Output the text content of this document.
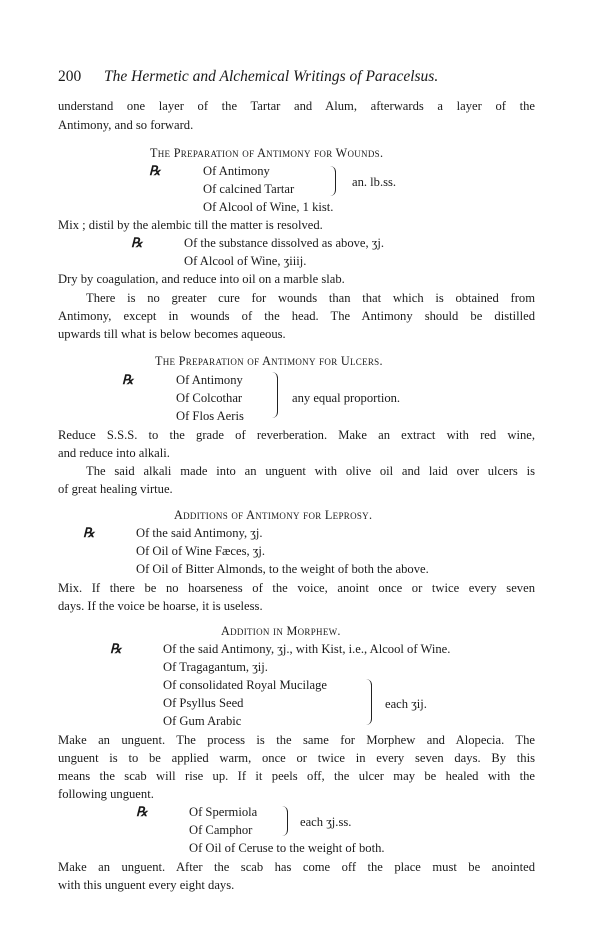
200 The Hermetic and Alchemical Writings of Paracelsus.
understand one layer of the Tartar and Alum, afterwards a layer of the
Antimony, and so forward.
The Preparation of Antimony for Wounds.
℞	Of Antimony
Of calcined Tartar	an. lb.ss.
Of Alcool of Wine, 1 kist.
Mix ; distil by the alembic till the matter is resolved.
℞	Of the substance dissolved as above, ʒj.
Of Alcool of Wine, ʒiiij.
Dry by coagulation, and reduce into oil on a marble slab.
There is no greater cure for wounds than that which is obtained from
Antimony, except in wounds of the head. The Antimony should be distilled
upwards till what is below becomes aqueous.
The Preparation of Antimony for Ulcers.
℞	Of Antimony
Of Colcothar
Of Flos Aeris
any equal proportion.
Reduce S.S.S. to the grade of reverberation. Make an extract with red wine,
and reduce into alkali.
The said alkali made into an unguent with olive oil and laid over ulcers is
of great healing virtue.
Additions of Antimony for Leprosy.
℞	Of the said Antimony, ʒj.
Of Oil of Wine Fæces, ʒj.
Of Oil of Bitter Almonds, to the weight of both the above.
Mix. If there be no hoarseness of the voice, anoint once or twice every seven
days. If the voice be hoarse, it is useless.
Addition in Morphew.
℞	Of the said Antimony, ʒj., with Kist, i.e., Alcool of Wine.
Of Tragagantum, ʒij.
Of consolidated Royal Mucilage
Of Psyllus Seed
Of Gum Arabic
each ʒij.
Make an unguent. The process is the same for Morphew and Alopecia. The
unguent is to be applied warm, once or twice in every seven days. By this
means the scab will rise up. If it peels off, the ulcer may be healed with the
following unguent.
℞	Of Spermiola
Of Camphor
each ʒj.ss.
Of Oil of Ceruse to the weight of both.
Make an unguent. After the scab has come off the place must be anointed
with this unguent every eight days.
